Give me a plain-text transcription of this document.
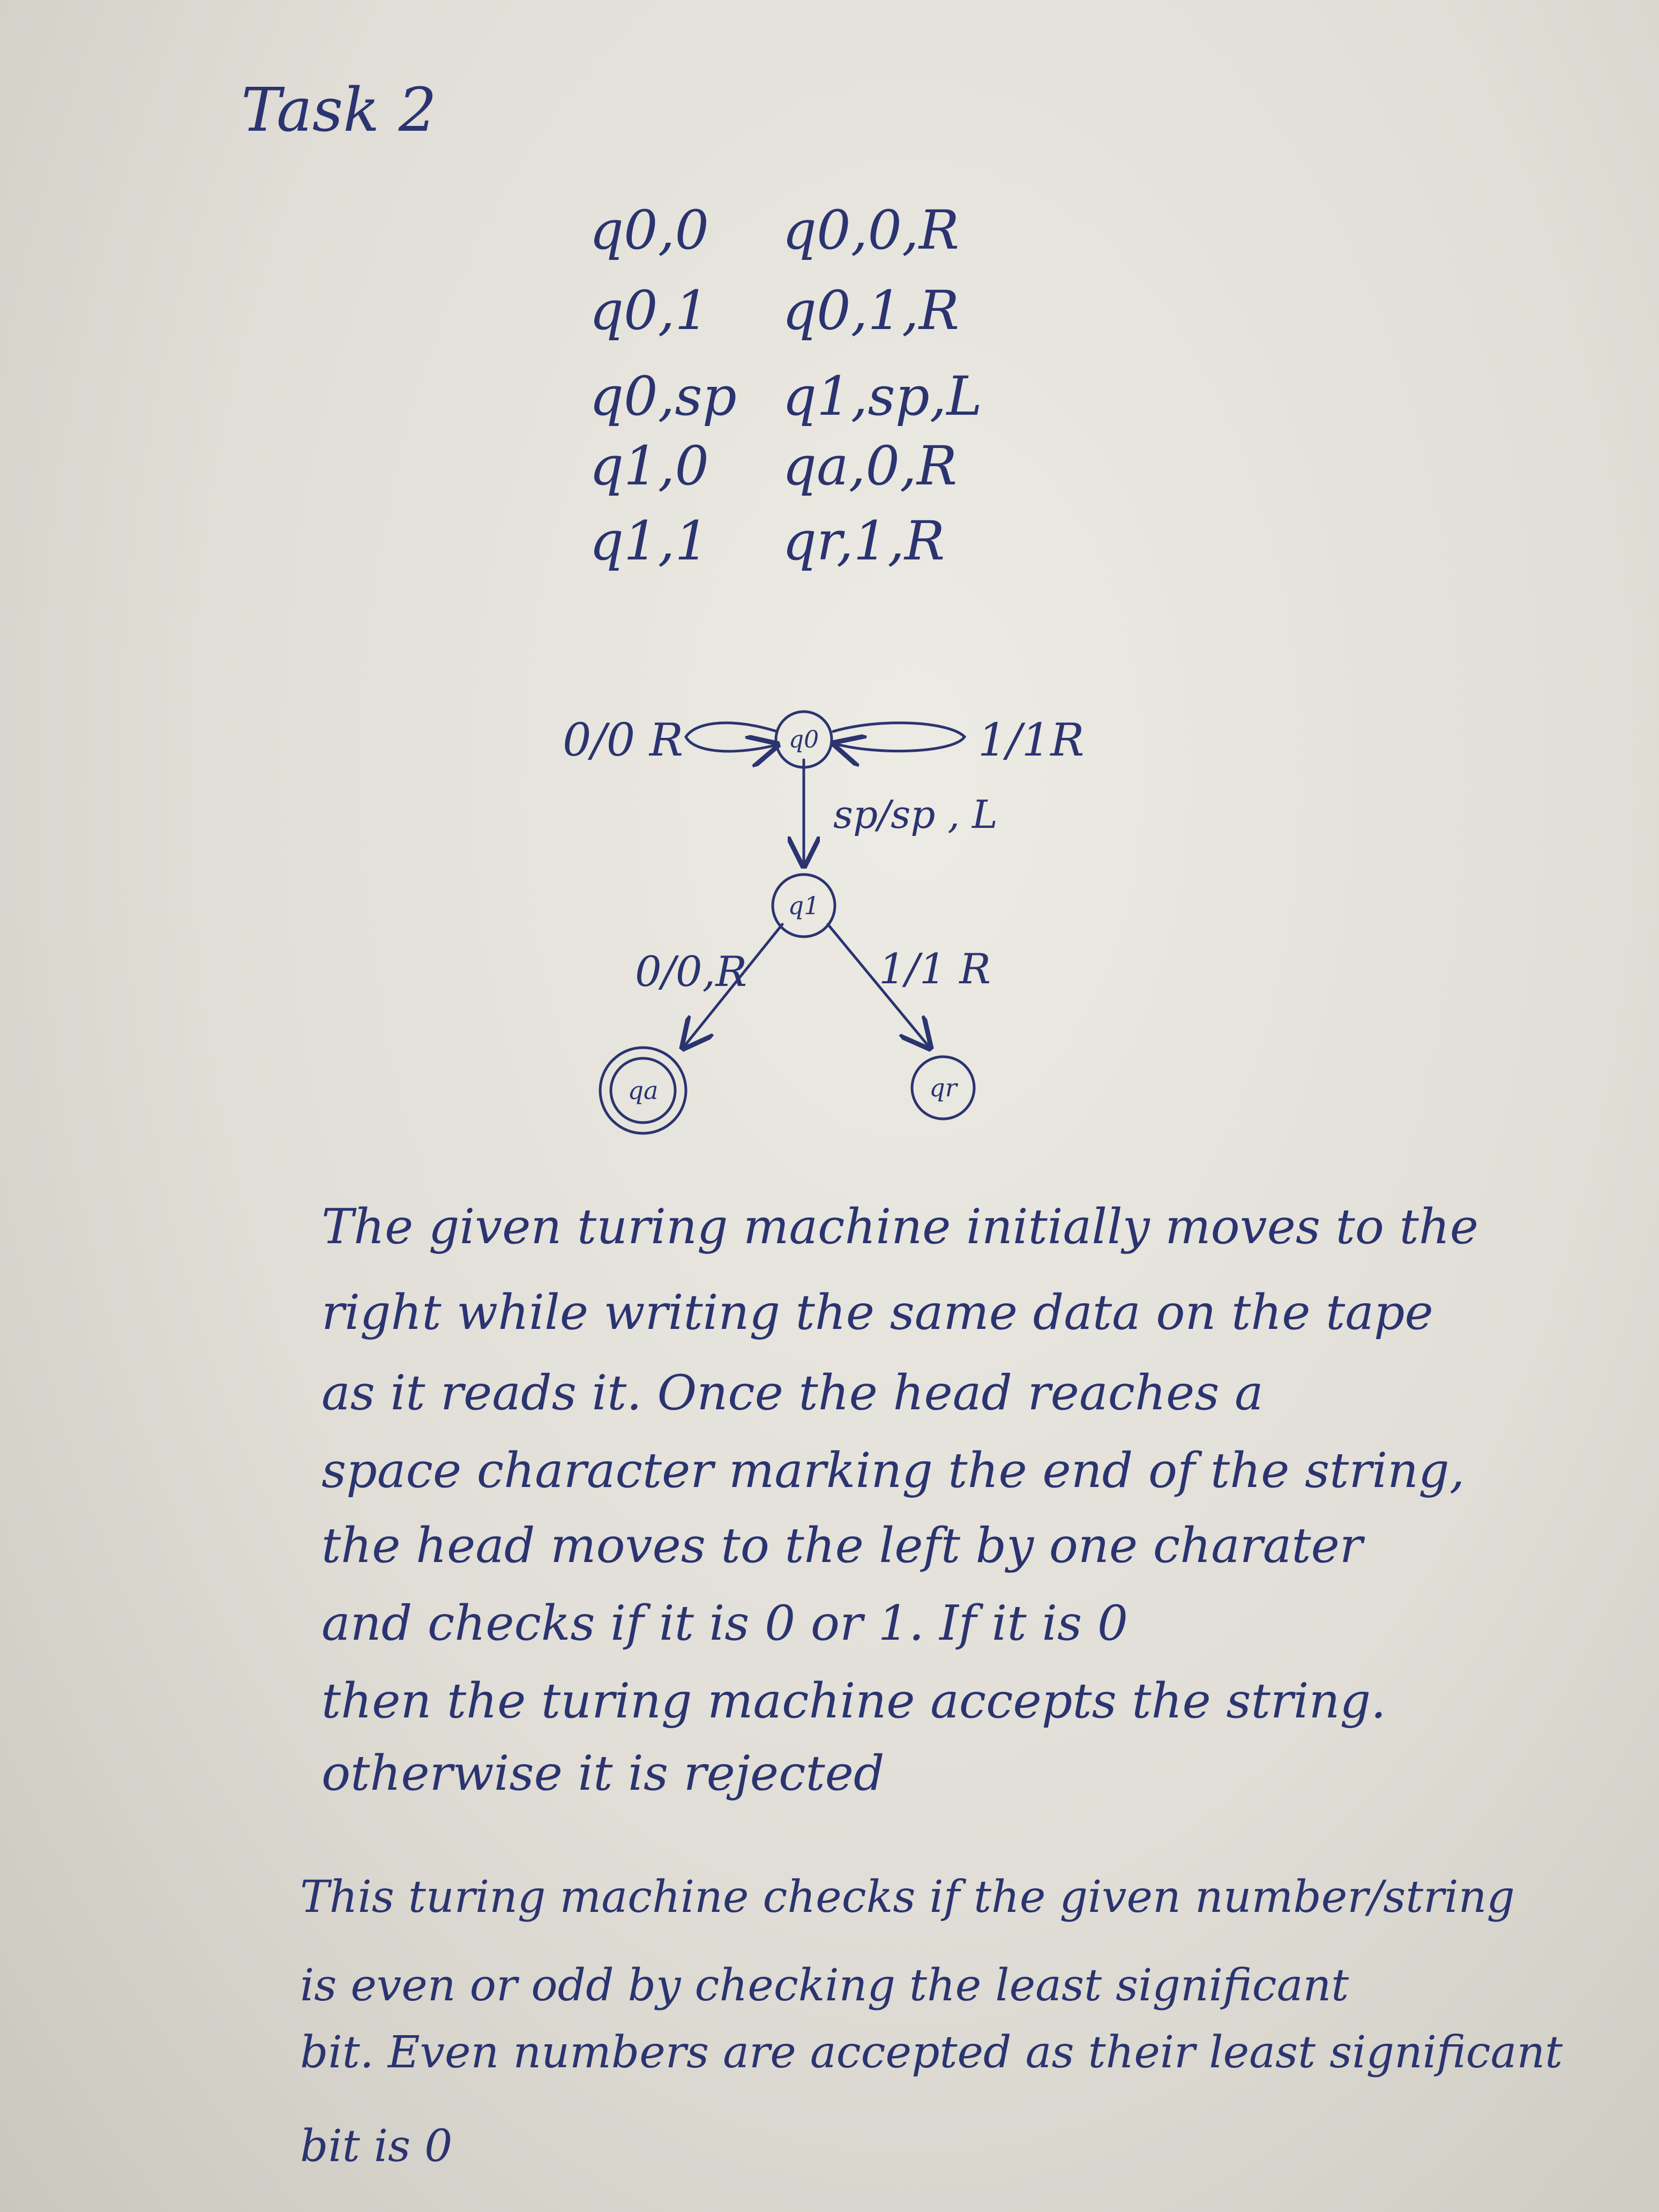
Task 2
q0,0 q0,0,R
q0,1 q0,1,R
q0,sp q1,sp,L
q1,0 qa,0,R
q1,1 qr,1,R
q0
q1
qa	qr
0/0 R	1/1R
sp/sp , L
0/0,R	1/1 R
The given turing machine initially moves to the
right while writing the same data on the tape
as it reads it. Once the head reaches a
space character marking the end of the string,
the head moves to the left by one charater
and checks if it is 0 or 1. If it is 0
then the turing machine accepts the string.
otherwise it is rejected
This turing machine checks if the given number/string
is even or odd by checking the least significant
bit. Even numbers are accepted as their least significant
bit is 0
